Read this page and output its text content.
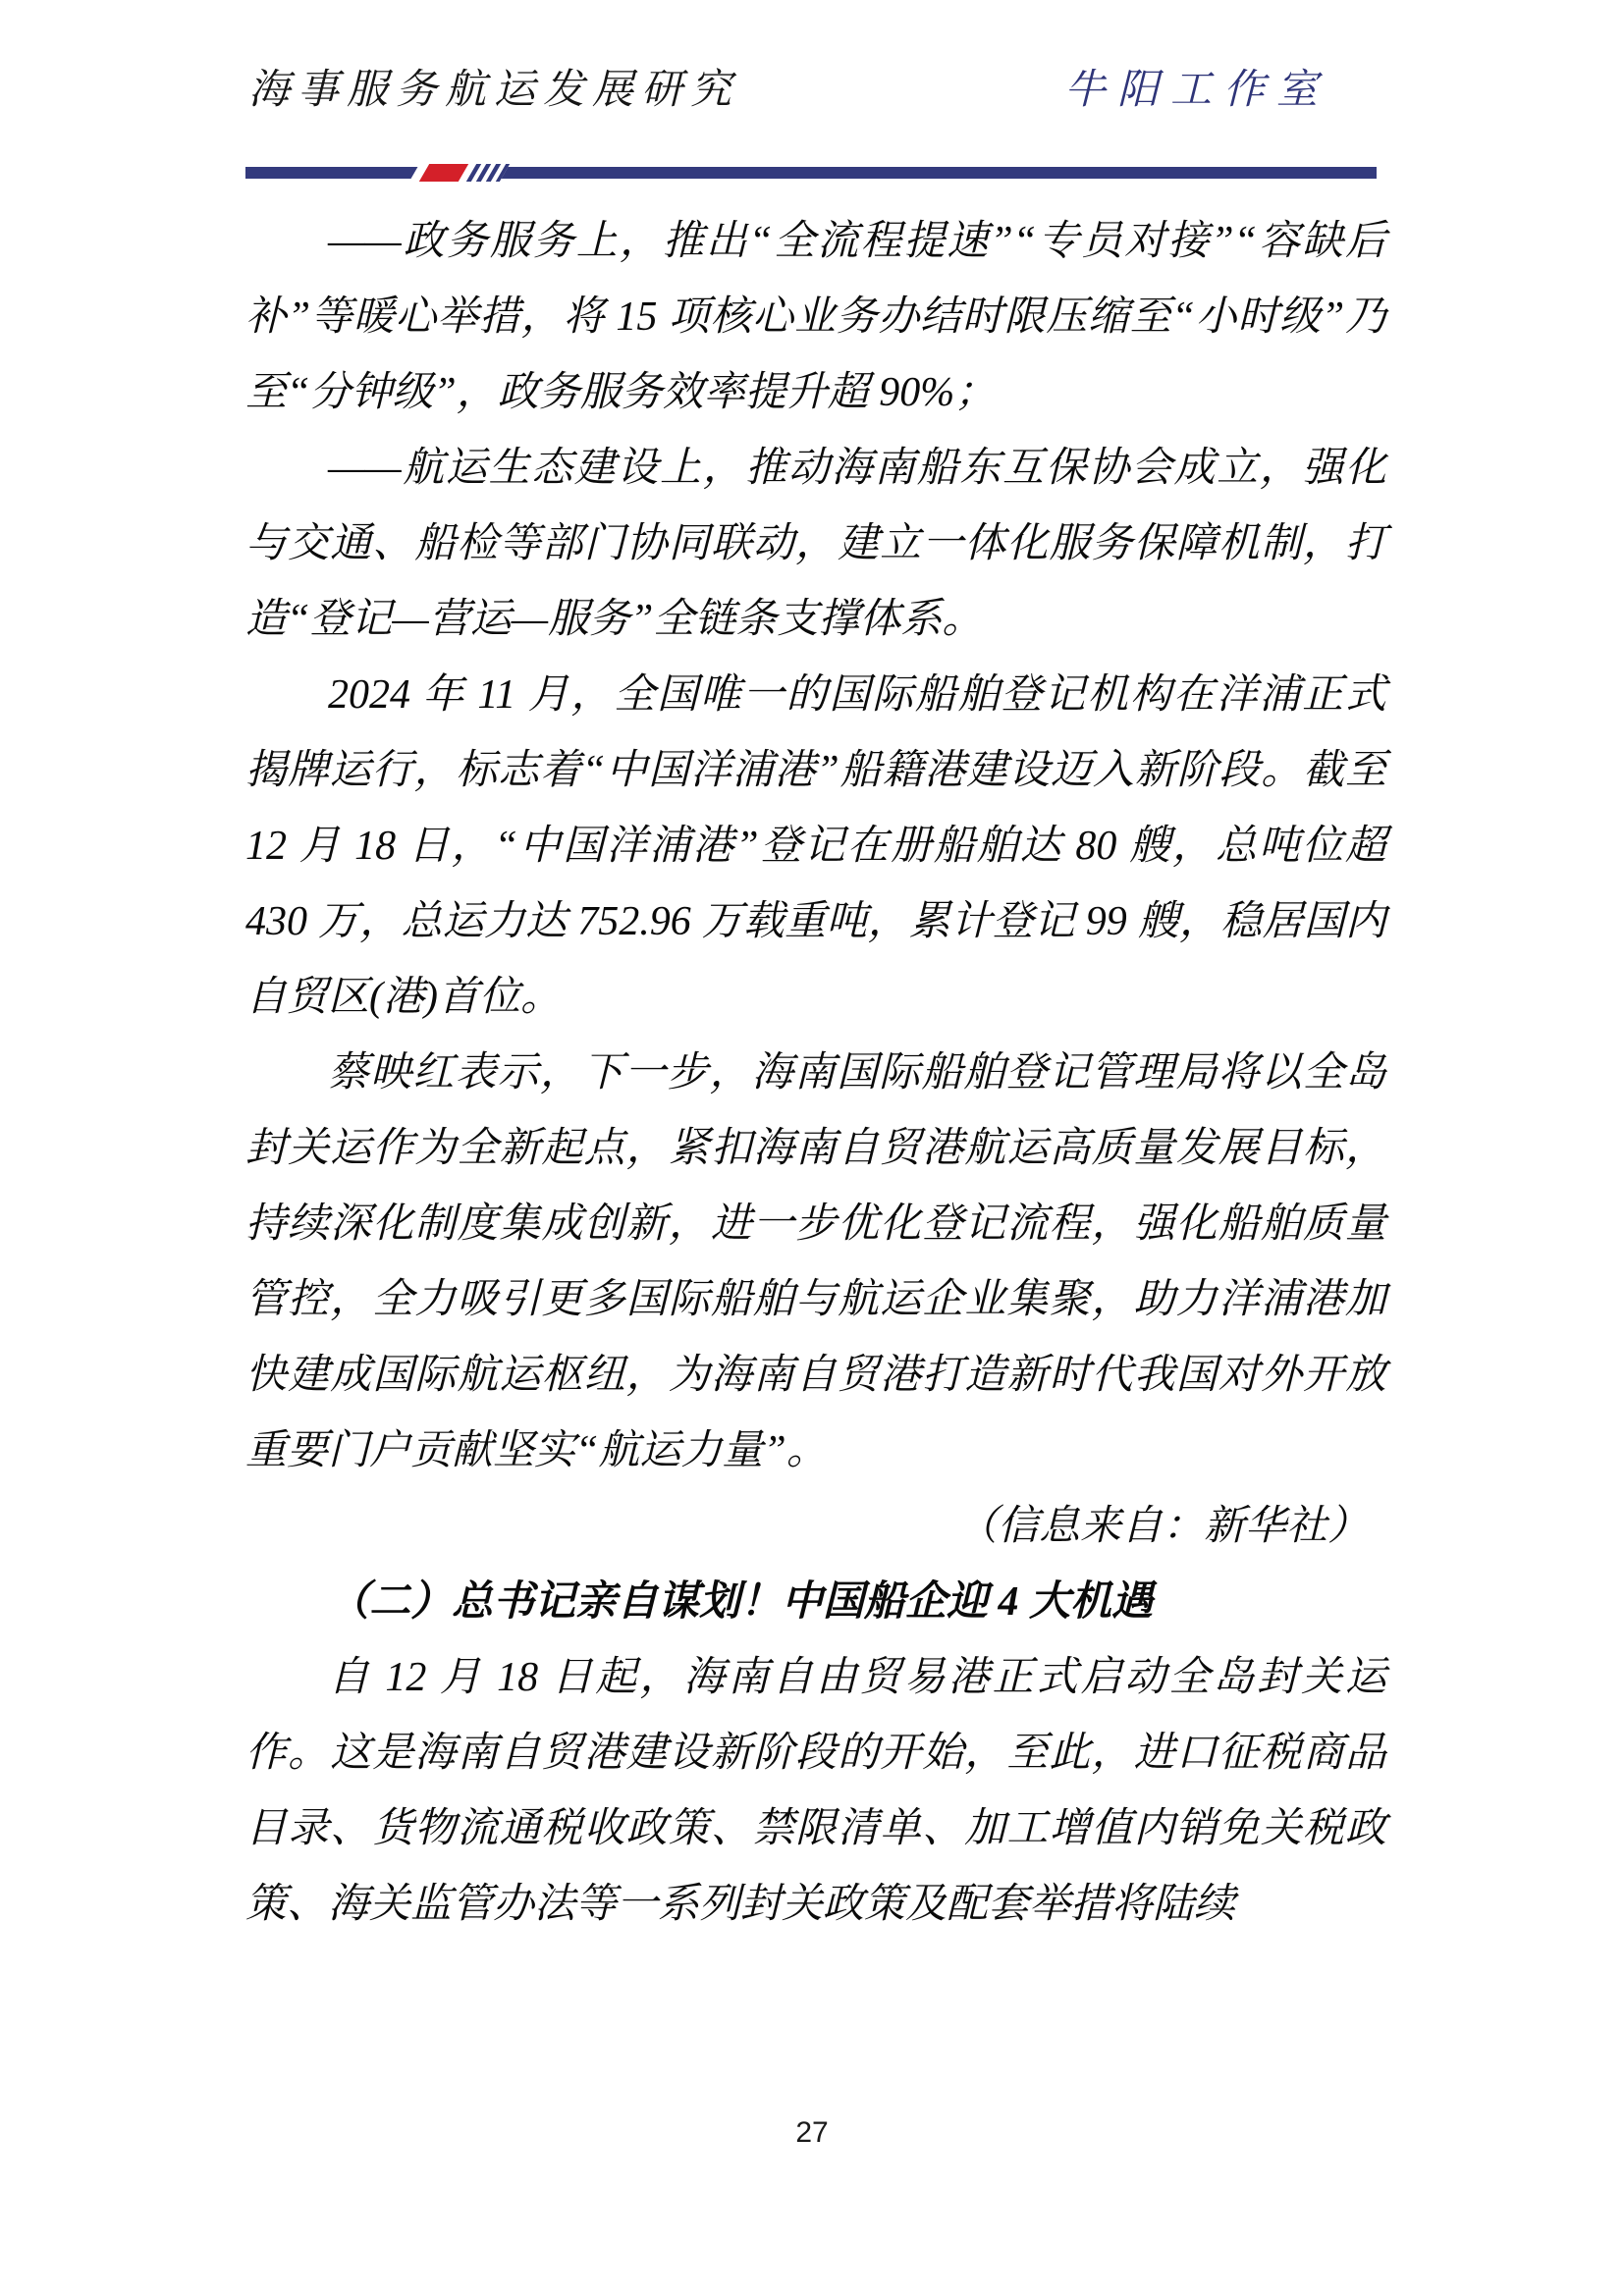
海事服务航运发展研究	牛阳工作室

——政务服务上，推出“全流程提速”“专员对接”“容缺后补”等暖心举措，将 15 项核心业务办结时限压缩至“小时级”乃至“分钟级”，政务服务效率提升超 90%；

——航运生态建设上，推动海南船东互保协会成立，强化与交通、船检等部门协同联动，建立一体化服务保障机制，打造“登记—营运—服务”全链条支撑体系。

2024 年 11 月，全国唯一的国际船舶登记机构在洋浦正式揭牌运行，标志着“中国洋浦港”船籍港建设迈入新阶段。截至 12 月 18 日，“中国洋浦港”登记在册船舶达 80 艘，总吨位超 430 万，总运力达 752.96 万载重吨，累计登记 99 艘，稳居国内自贸区(港)首位。

蔡映红表示，下一步，海南国际船舶登记管理局将以全岛封关运作为全新起点，紧扣海南自贸港航运高质量发展目标，持续深化制度集成创新，进一步优化登记流程，强化船舶质量管控，全力吸引更多国际船舶与航运企业集聚，助力洋浦港加快建成国际航运枢纽，为海南自贸港打造新时代我国对外开放重要门户贡献坚实“航运力量”。

（信息来自：新华社）

（二）总书记亲自谋划！中国船企迎 4 大机遇

自 12 月 18 日起，海南自由贸易港正式启动全岛封关运作。这是海南自贸港建设新阶段的开始，至此，进口征税商品目录、货物流通税收政策、禁限清单、加工增值内销免关税政策、海关监管办法等一系列封关政策及配套举措将陆续

27
